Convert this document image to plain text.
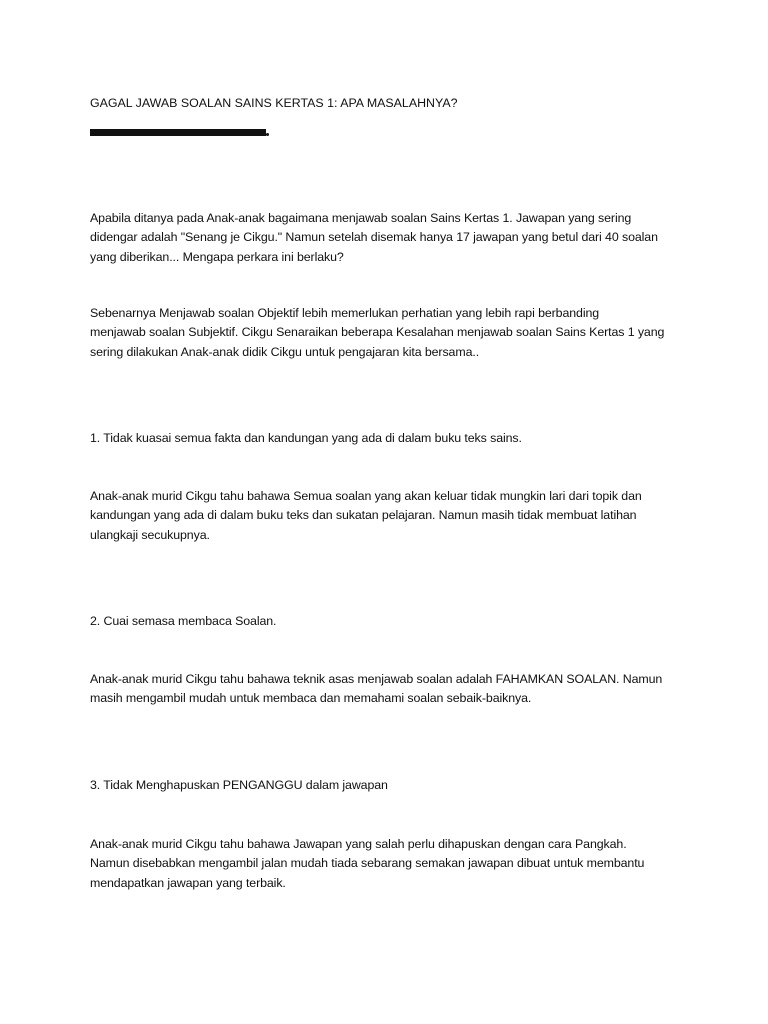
GAGAL JAWAB SOALAN SAINS KERTAS 1: APA MASALAHNYA?

Apabila ditanya pada Anak-anak bagaimana menjawab soalan Sains Kertas 1. Jawapan yang sering
didengar adalah "Senang je Cikgu." Namun setelah disemak hanya 17 jawapan yang betul dari 40 soalan
yang diberikan... Mengapa perkara ini berlaku?

Sebenarnya Menjawab soalan Objektif lebih memerlukan perhatian yang lebih rapi berbanding
menjawab soalan Subjektif. Cikgu Senaraikan beberapa Kesalahan menjawab soalan Sains Kertas 1 yang
sering dilakukan Anak-anak didik Cikgu untuk pengajaran kita bersama..

1. Tidak kuasai semua fakta dan kandungan yang ada di dalam buku teks sains.

Anak-anak murid Cikgu tahu bahawa Semua soalan yang akan keluar tidak mungkin lari dari topik dan
kandungan yang ada di dalam buku teks dan sukatan pelajaran. Namun masih tidak membuat latihan
ulangkaji secukupnya.

2. Cuai semasa membaca Soalan.

Anak-anak murid Cikgu tahu bahawa teknik asas menjawab soalan adalah FAHAMKAN SOALAN. Namun
masih mengambil mudah untuk membaca dan memahami soalan sebaik-baiknya.

3. Tidak Menghapuskan PENGANGGU dalam jawapan

Anak-anak murid Cikgu tahu bahawa Jawapan yang salah perlu dihapuskan dengan cara Pangkah.
Namun disebabkan mengambil jalan mudah tiada sebarang semakan jawapan dibuat untuk membantu
mendapatkan jawapan yang terbaik.
